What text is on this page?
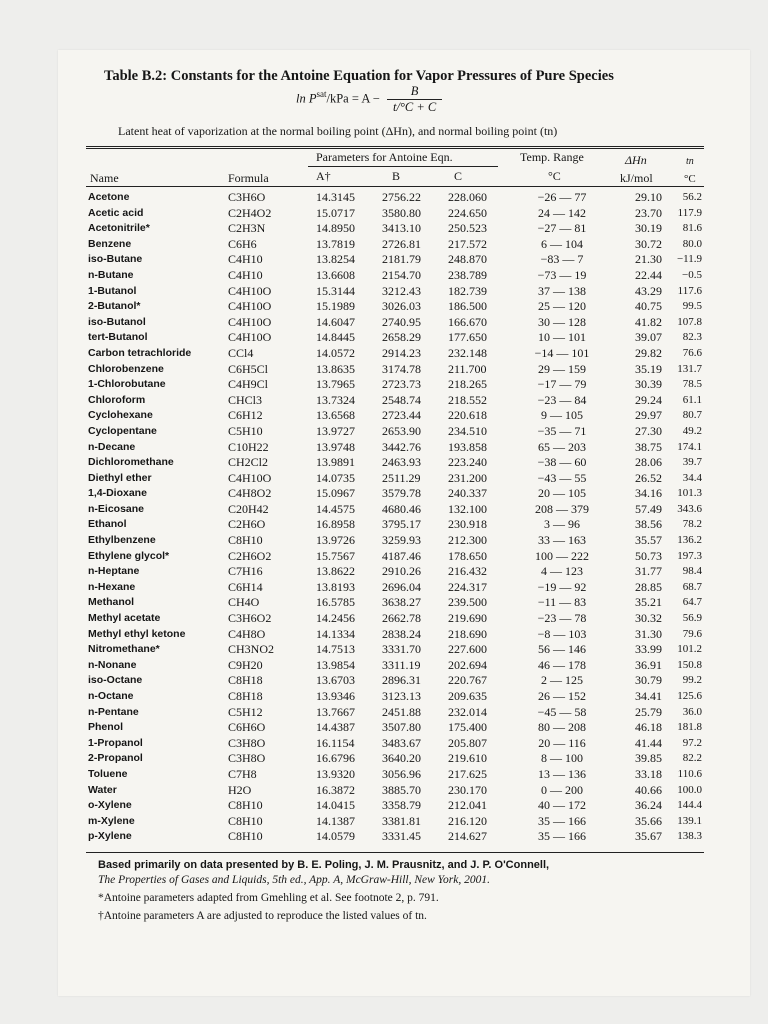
Table B.2: Constants for the Antoine Equation for Vapor Pressures of Pure Species
$\ln P^{sat}$/kPa = $A - \frac{B}{t/^\circ C + C}$
Latent heat of vaporization at the normal boiling point (ΔHn), and normal boiling point (tn)
Parameters for Antoine Eqn.	Temp. Range	ΔHn	tn
Name	Formula	A†	B	C	°C	kJ/mol	°C
Acetone	C3H6O	14.3145	2756.22	228.060	−26 — 77	29.10	56.2
Acetic acid	C2H4O2	15.0717	3580.80	224.650	24 — 142	23.70	117.9
Acetonitrile*	C2H3N	14.8950	3413.10	250.523	−27 — 81	30.19	81.6
Benzene	C6H6	13.7819	2726.81	217.572	6 — 104	30.72	80.0
iso-Butane	C4H10	13.8254	2181.79	248.870	−83 — 7	21.30	−11.9
n-Butane	C4H10	13.6608	2154.70	238.789	−73 — 19	22.44	−0.5
1-Butanol	C4H10O	15.3144	3212.43	182.739	37 — 138	43.29	117.6
2-Butanol*	C4H10O	15.1989	3026.03	186.500	25 — 120	40.75	99.5
iso-Butanol	C4H10O	14.6047	2740.95	166.670	30 — 128	41.82	107.8
tert-Butanol	C4H10O	14.8445	2658.29	177.650	10 — 101	39.07	82.3
Carbon tetrachloride	CCl4	14.0572	2914.23	232.148	−14 — 101	29.82	76.6
Chlorobenzene	C6H5Cl	13.8635	3174.78	211.700	29 — 159	35.19	131.7
1-Chlorobutane	C4H9Cl	13.7965	2723.73	218.265	−17 — 79	30.39	78.5
Chloroform	CHCl3	13.7324	2548.74	218.552	−23 — 84	29.24	61.1
Cyclohexane	C6H12	13.6568	2723.44	220.618	9 — 105	29.97	80.7
Cyclopentane	C5H10	13.9727	2653.90	234.510	−35 — 71	27.30	49.2
n-Decane	C10H22	13.9748	3442.76	193.858	65 — 203	38.75	174.1
Dichloromethane	CH2Cl2	13.9891	2463.93	223.240	−38 — 60	28.06	39.7
Diethyl ether	C4H10O	14.0735	2511.29	231.200	−43 — 55	26.52	34.4
1,4-Dioxane	C4H8O2	15.0967	3579.78	240.337	20 — 105	34.16	101.3
n-Eicosane	C20H42	14.4575	4680.46	132.100	208 — 379	57.49	343.6
Ethanol	C2H6O	16.8958	3795.17	230.918	3 — 96	38.56	78.2
Ethylbenzene	C8H10	13.9726	3259.93	212.300	33 — 163	35.57	136.2
Ethylene glycol*	C2H6O2	15.7567	4187.46	178.650	100 — 222	50.73	197.3
n-Heptane	C7H16	13.8622	2910.26	216.432	4 — 123	31.77	98.4
n-Hexane	C6H14	13.8193	2696.04	224.317	−19 — 92	28.85	68.7
Methanol	CH4O	16.5785	3638.27	239.500	−11 — 83	35.21	64.7
Methyl acetate	C3H6O2	14.2456	2662.78	219.690	−23 — 78	30.32	56.9
Methyl ethyl ketone	C4H8O	14.1334	2838.24	218.690	−8 — 103	31.30	79.6
Nitromethane*	CH3NO2	14.7513	3331.70	227.600	56 — 146	33.99	101.2
n-Nonane	C9H20	13.9854	3311.19	202.694	46 — 178	36.91	150.8
iso-Octane	C8H18	13.6703	2896.31	220.767	2 — 125	30.79	99.2
n-Octane	C8H18	13.9346	3123.13	209.635	26 — 152	34.41	125.6
n-Pentane	C5H12	13.7667	2451.88	232.014	−45 — 58	25.79	36.0
Phenol	C6H6O	14.4387	3507.80	175.400	80 — 208	46.18	181.8
1-Propanol	C3H8O	16.1154	3483.67	205.807	20 — 116	41.44	97.2
2-Propanol	C3H8O	16.6796	3640.20	219.610	8 — 100	39.85	82.2
Toluene	C7H8	13.9320	3056.96	217.625	13 — 136	33.18	110.6
Water	H2O	16.3872	3885.70	230.170	0 — 200	40.66	100.0
o-Xylene	C8H10	14.0415	3358.79	212.041	40 — 172	36.24	144.4
m-Xylene	C8H10	14.1387	3381.81	216.120	35 — 166	35.66	139.1
p-Xylene	C8H10	14.0579	3331.45	214.627	35 — 166	35.67	138.3

Based primarily on data presented by B. E. Poling, J. M. Prausnitz, and J. P. O'Connell,
The Properties of Gases and Liquids, 5th ed., App. A, McGraw-Hill, New York, 2001.

*Antoine parameters adapted from Gmehling et al. See footnote 2, p. 791.

†Antoine parameters A are adjusted to reproduce the listed values of tn.
